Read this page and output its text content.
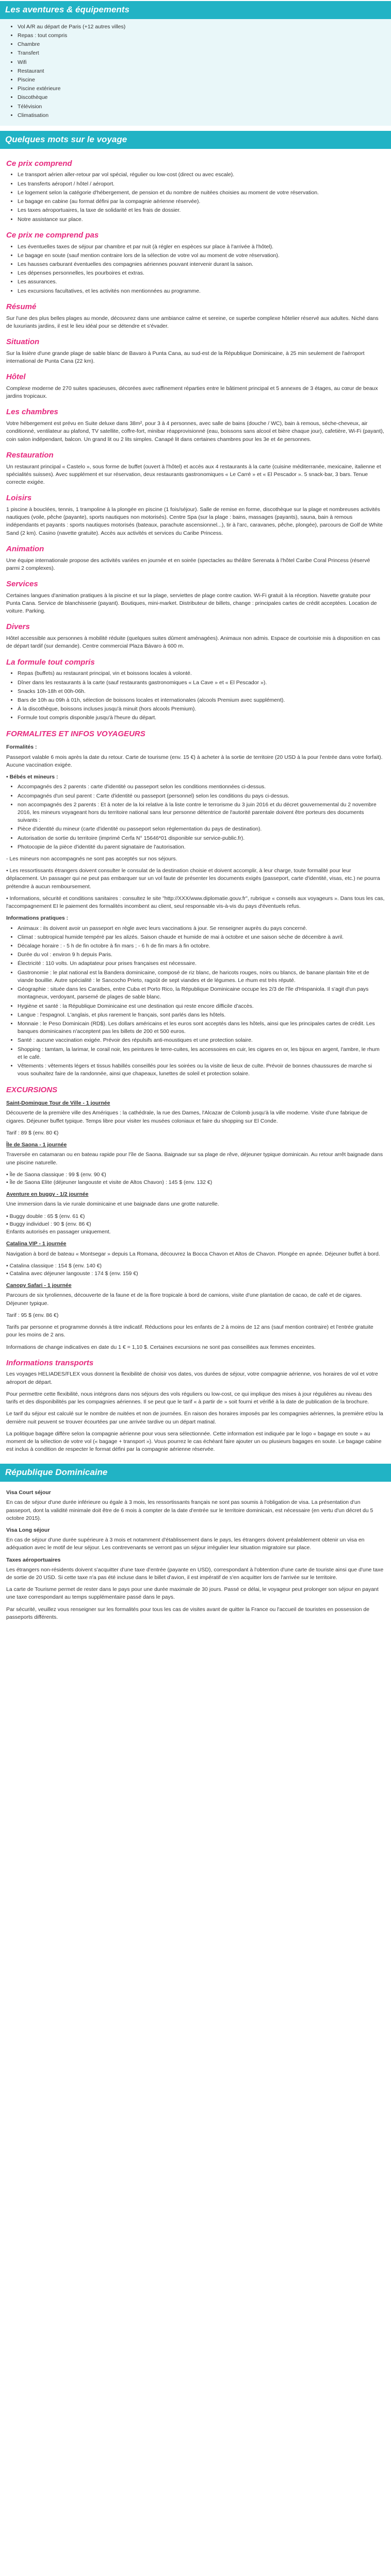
Les aventures & équipements
• Vol A/R au départ de Paris (+12 autres villes)
• Repas : tout compris
• Chambre
• Transfert
• Wifi
• Restaurant
• Piscine
• Piscine extérieure
• Discothèque
• Télévision
• Climatisation
Quelques mots sur le voyage
Ce prix comprend
• Le transport aérien aller-retour par vol spécial, régulier ou low-cost (direct ou avec escale).
• Les transferts aéroport / hôtel / aéroport.
• Le logement selon la catégorie d'hébergement, de pension et du nombre de nuitées choisies au moment de votre réservation.
• Le bagage en cabine (au format défini par la compagnie aérienne réservée).
• Les taxes aéroportuaires, la taxe de solidarité et les frais de dossier.
• Notre assistance sur place.
Ce prix ne comprend pas
• Les éventuelles taxes de séjour par chambre et par nuit (à régler en espèces sur place à l'arrivée à l'hôtel).
• Le bagage en soute (sauf mention contraire lors de la sélection de votre vol au moment de votre réservation).
• Les hausses carburant éventuelles des compagnies aériennes pouvant intervenir durant la saison.
• Les dépenses personnelles, les pourboires et extras.
• Les assurances.
• Les excursions facultatives, et les activités non mentionnées au programme.
Résumé

Sur l'une des plus belles plages au monde, découvrez dans une ambiance calme et sereine, ce superbe complexe hôtelier réservé aux adultes. Niché dans de luxuriants jardins, il est le lieu idéal pour se détendre et s'évader.

Situation

Sur la lisière d'une grande plage de sable blanc de Bavaro à Punta Cana, au sud-est de la République Dominicaine, à 25 min seulement de l'aéroport international de Punta Cana (22 km).

Hôtel

Complexe moderne de 270 suites spacieuses, décorées avec raffinement réparties entre le bâtiment principal et 5 annexes de 3 étages, au cœur de beaux jardins tropicaux.

Les chambres

Votre hébergement est prévu en Suite deluxe dans 38m², pour 3 à 4 personnes, avec salle de bains (douche / WC), bain à remous, sèche-cheveux, air conditionné, ventilateur au plafond, TV satellite, coffre-fort, minibar réapprovisionné (eau, boissons sans alcool et bière chaque jour), cafetière, Wi-Fi (payant), coin salon indépendant, balcon. Un grand lit ou 2 lits simples. Canapé lit dans certaines chambres pour les 3e et 4e personnes.

Restauration

Un restaurant principal « Castelo », sous forme de buffet (ouvert à l'hôtel) et accès aux 4 restaurants à la carte (cuisine méditerranée, mexicaine, italienne et spécialités suisses). Avec supplément et sur réservation, deux restaurants gastronomiques « Le Carré » et « El Pescador ». 5 snack-bar, 3 bars. Tenue correcte exigée.

Loisirs

1 piscine à bouclées, tennis, 1 trampoline à la plongée en piscine (1 fois/séjour). Salle de remise en forme, discothèque sur la plage et nombreuses activités nautiques (voile, pêche (payante), sports nautiques non motorisés). Centre Spa (sur la plage : bains, massages (payants), sauna, bain à remous indépendants et payants : sports nautiques motorisés (bateaux, parachute ascensionnel...), tir à l'arc, caravanes, pêche, plongée), parcours de Golf de White Sand (2 km). Casino (navette gratuite). Accès aux activités et services du Caribe Princess.

Animation

Une équipe internationale propose des activités variées en journée et en soirée (spectacles au théâtre Serenata à l'hôtel Caribe Coral Princess (réservé parmi 2 complexes).

Services

Certaines langues d'animation pratiques à la piscine et sur la plage, serviettes de plage contre caution. Wi-Fi gratuit à la réception. Navette gratuite pour Punta Cana. Service de blanchisserie (payant). Boutiques, mini-market. Distributeur de billets, change : principales cartes de crédit acceptées. Location de voiture. Parking.

Divers

Hôtel accessible aux personnes à mobilité réduite (quelques suites dûment aménagées). Animaux non admis. Espace de courtoisie mis à disposition en cas de départ tardif (sur demande). Centre commercial Plaza Bávaro à 600 m.

La formule tout compris
• Repas (buffets) au restaurant principal, vin et boissons locales à volonté.
• Dîner dans les restaurants à la carte (sauf restaurants gastronomiques « La Cave » et « El Pescador »).
• Snacks 10h-18h et 00h-06h.
• Bars de 10h au 09h à 01h, sélection de boissons locales et internationales (alcools Premium avec supplément).
• À la discothèque, boissons incluses jusqu'à minuit (hors alcools Premium).
• Formule tout compris disponible jusqu'à l'heure du départ.
FORMALITES ET INFOS VOYAGEURS
Formalités :

Passeport valable 6 mois après la date du retour. Carte de tourisme (env. 15 €) à acheter à la sortie de territoire (20 USD à la pour l'entrée dans votre forfait). Aucune vaccination exigée.

• Bébés et mineurs :
• Accompagnés des 2 parents : carte d'identité ou passeport selon les conditions mentionnées ci-dessus.
• Accompagnés d'un seul parent : Carte d'identité ou passeport (personnel) selon les conditions du pays ci-dessus.
• non accompagnés des 2 parents : Et à noter de la loi relative à la liste contre le terrorisme du 3 juin 2016 et du décret gouvernemental du 2 novembre 2016, les mineurs voyageant hors du territoire national sans leur personne détentrice de l'autorité parentale doivent être porteurs des documents suivants :
• Pièce d'identité du mineur (carte d'identité ou passeport selon réglementation du pays de destination).
• Autorisation de sortie du territoire (imprimé Cerfa N° 15646*01 disponible sur service-public.fr).
• Photocopie de la pièce d'identité du parent signataire de l'autorisation.

- Les mineurs non accompagnés ne sont pas acceptés sur nos séjours.

• Les ressortissants étrangers doivent consulter le consulat de la destination choisie et doivent accomplir, à leur charge, toute formalité pour leur déplacement. Un passager qui ne peut pas embarquer sur un vol faute de présenter les documents exigés (passeport, carte d'identité, visas, etc.) ne pourra prétendre à aucun remboursement.

• Informations, sécurité et conditions sanitaires : consultez le site "http://XXX/www.diplomatie.gouv.fr", rubrique « conseils aux voyageurs ». Dans tous les cas, l'accompagnement EI le paiement des formalités incombent au client, seul responsable vis-à-vis du pays d'éventuels refus.

Informations pratiques :
• Animaux : ils doivent avoir un passeport en règle avec leurs vaccinations à jour. Se renseigner auprès du pays concerné.
• Climat : subtropical humide tempéré par les alizés. Saison chaude et humide de mai à octobre et une saison sèche de décembre à avril.
• Décalage horaire : - 5 h de fin octobre à fin mars ; - 6 h de fin mars à fin octobre.
• Durée du vol : environ 9 h depuis Paris.
• Électricité : 110 volts. Un adaptateur pour prises françaises est nécessaire.
• Gastronomie : le plat national est la Bandera dominicaine, composé de riz blanc, de haricots rouges, noirs ou blancs, de banane plantain frite et de viande bouillie. Autre spécialité : le Sancocho Prieto, ragoût de sept viandes et de légumes. Le rhum est très réputé.
• Géographie : située dans les Caraïbes, entre Cuba et Porto Rico, la République Dominicaine occupe les 2/3 de l'île d'Hispaniola. Il s'agit d'un pays montagneux, verdoyant, parsemé de plages de sable blanc.
• Hygiène et santé : la République Dominicaine est une destination qui reste encore difficile d'accès.
• Langue : l'espagnol. L'anglais, et plus rarement le français, sont parlés dans les hôtels.
• Monnaie : le Peso Dominicain (RD$). Les dollars américains et les euros sont acceptés dans les hôtels, ainsi que les principales cartes de crédit. Les banques dominicaines n'acceptent pas les billets de 200 et 500 euros.
• Santé : aucune vaccination exigée. Prévoir des répulsifs anti-moustiques et une protection solaire.
• Shopping : tamtam, la larimar, le corail noir, les peintures le terre-cuites, les accessoires en cuir, les cigares en or, les bijoux en argent, l'ambre, le rhum et le café.
• Vêtements : vêtements légers et tissus habillés conseillés pour les soirées ou la visite de lieux de culte. Prévoir de bonnes chaussures de marche si vous souhaitez faire de la randonnée, ainsi que chapeaux, lunettes de soleil et protection solaire.
EXCURSIONS
Saint-Domingue Tour de Ville - 1 journée

Découverte de la première ville des Amériques : la cathédrale, la rue des Dames, l'Alcazar de Colomb jusqu'à la ville moderne. Visite d'une fabrique de cigares. Déjeuner buffet typique. Temps libre pour visiter les musées coloniaux et faire du shopping sur El Conde.

Tarif : 89 $ (env. 80 €)

Île de Saona - 1 journée

Traversée en catamaran ou en bateau rapide pour l'île de Saona. Baignade sur sa plage de rêve, déjeuner typique dominicain. Au retour arrêt baignade dans une piscine naturelle.

• Île de Saona classique : 99 $ (env. 90 €)
• Île de Saona Elite (déjeuner langouste et visite de Altos Chavon) : 145 $ (env. 132 €)

Aventure en buggy - 1/2 journée

Une immersion dans la vie rurale dominicaine et une baignade dans une grotte naturelle.

• Buggy double : 65 $ (env. 61 €)
• Buggy individuel : 90 $ (env. 86 €)
Enfants autorisés en passager uniquement.

Catalina VIP - 1 journée

Navigation à bord de bateau « Montsegar » depuis La Romana, découvrez la Bocca Chavon et Altos de Chavon. Plongée en apnée. Déjeuner buffet à bord.

• Catalina classique : 154 $ (env. 140 €)
• Catalina avec déjeuner langouste : 174 $ (env. 159 €)

Canopy Safari - 1 journée

Parcours de six tyroliennes, découverte de la faune et de la flore tropicale à bord de camions, visite d'une plantation de cacao, de café et de cigares. Déjeuner typique.

Tarif : 95 $ (env. 86 €)

Tarifs par personne et programme donnés à titre indicatif. Réductions pour les enfants de 2 à moins de 12 ans (sauf mention contraire) et l'entrée gratuite pour les moins de 2 ans.

Informations de change indicatives en date du 1 € = 1,10 $. Certaines excursions ne sont pas conseillées aux femmes enceintes.

Informations transports

Les voyages HELIADES/FLEX vous donnent la flexibilité de choisir vos dates, vos durées de séjour, votre compagnie aérienne, vos horaires de vol et votre aéroport de départ.

Pour permettre cette flexibilité, nous intégrons dans nos séjours des vols réguliers ou low-cost, ce qui implique des mises à jour régulières au niveau des tarifs et des disponibilités par les compagnies aériennes. Il se peut que le tarif « à partir de » soit fourni et vérifié à la date de publication de la brochure.

Le tarif du séjour est calculé sur le nombre de nuitées et non de journées. En raison des horaires imposés par les compagnies aériennes, la première et/ou la dernière nuit peuvent se trouver écourtées par une arrivée tardive ou un départ matinal.

La politique bagage diffère selon la compagnie aérienne pour vous sera sélectionnée. Cette information est indiquée par le logo « bagage en soute » au moment de la sélection de votre vol (« bagage + transport »). Vous pourrez le cas échéant faire ajouter un ou plusieurs bagages en soute. Le bagage cabine est inclus à condition de respecter le format défini par la compagnie aérienne réservée.

République Dominicaine
Visa Court séjour

En cas de séjour d'une durée inférieure ou égale à 3 mois, les ressortissants français ne sont pas soumis à l'obligation de visa. La présentation d'un passeport, dont la validité minimale doit être de 6 mois à compter de la date d'entrée sur le territoire dominicain, est nécessaire (en vertu d'un décret du 5 octobre 2015).

Visa Long séjour

En cas de séjour d'une durée supérieure à 3 mois et notamment d'établissement dans le pays, les étrangers doivent préalablement obtenir un visa en adéquation avec le motif de leur séjour. Les contrevenants se verront pas un séjour irrégulier leur situation migratoire sur place.

Taxes aéroportuaires

Les étrangers non-résidents doivent s'acquitter d'une taxe d'entrée (payante en USD), correspondant à l'obtention d'une carte de touriste ainsi que d'une taxe de sortie de 20 USD. Si cette taxe n'a pas été incluse dans le billet d'avion, il est impératif de s'en acquitter lors de l'arrivée sur le territoire.

La carte de Tourisme permet de rester dans le pays pour une durée maximale de 30 jours. Passé ce délai, le voyageur peut prolonger son séjour en payant une taxe correspondant au temps supplémentaire passé dans le pays.

Par sécurité, veuillez vous renseigner sur les formalités pour tous les cas de visites avant de quitter la France ou l'accueil de touristes en possession de passeports différents.
